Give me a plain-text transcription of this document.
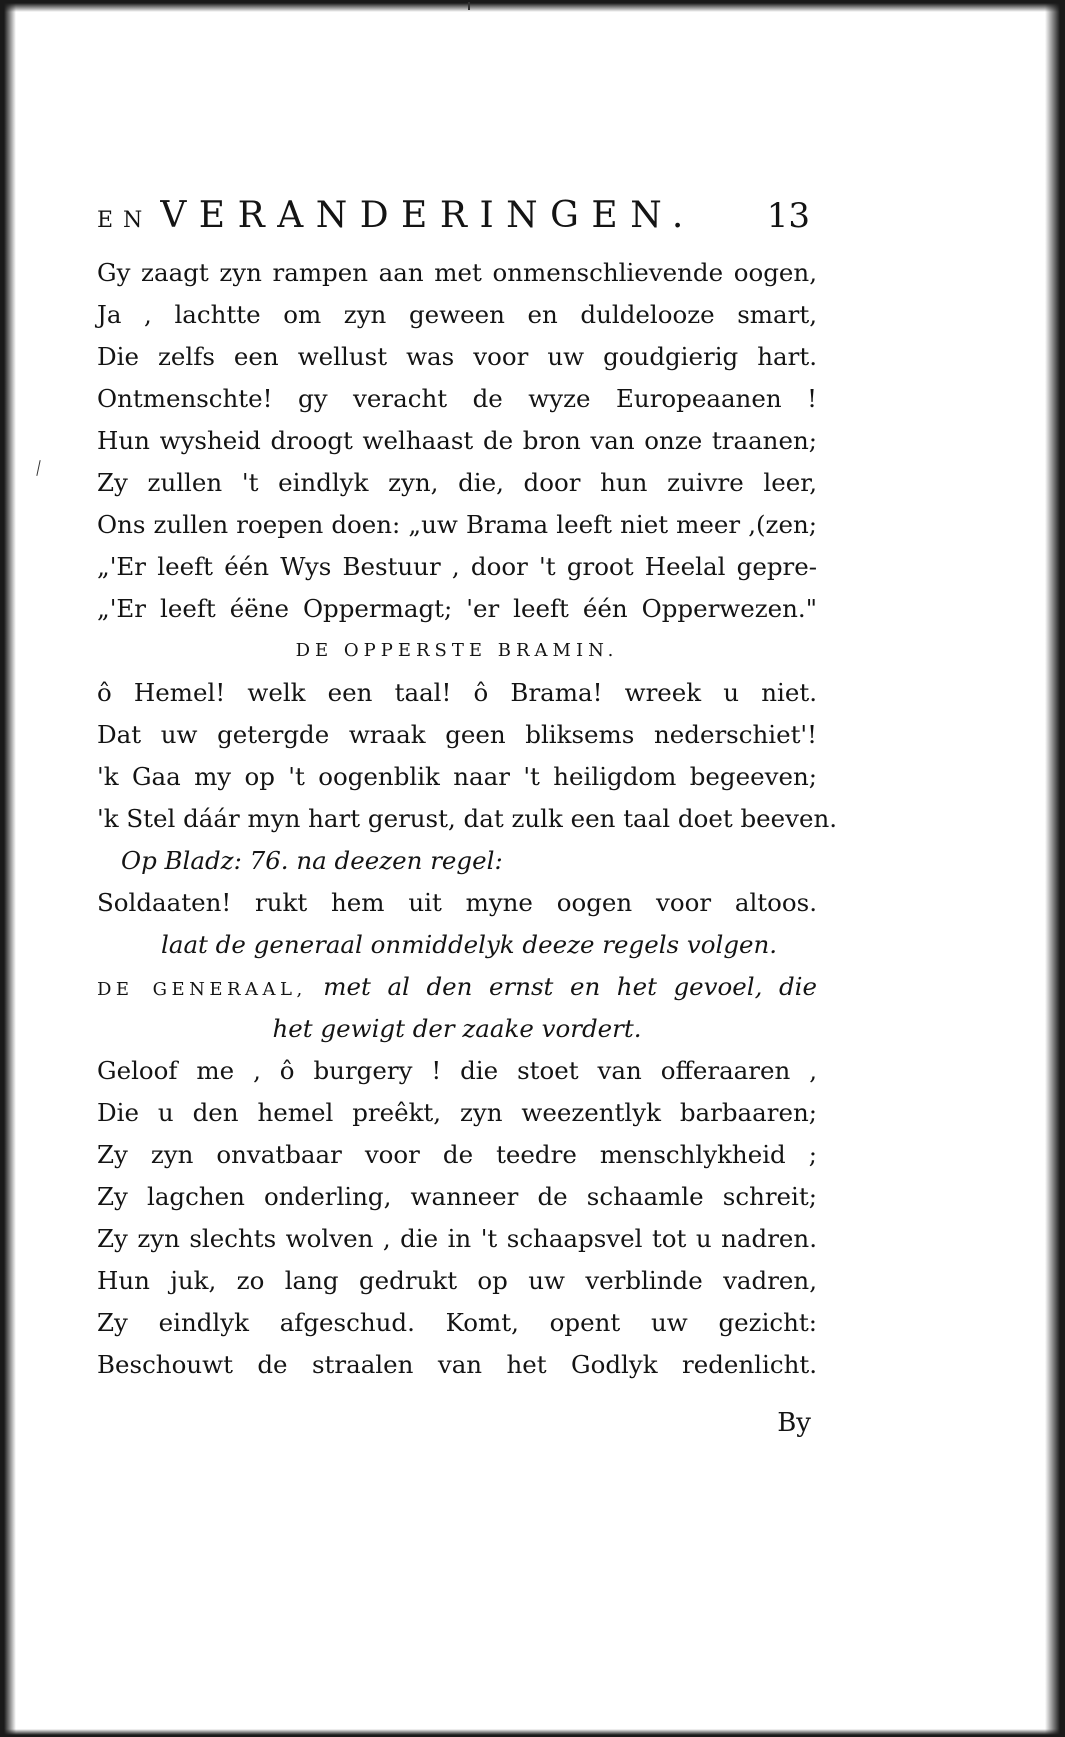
EN VERANDERINGEN. 13
Gy zaagt zyn rampen aan met onmenschlievende oogen,
Ja , lachtte om zyn geween en duldelooze smart,
Die zelfs een wellust was voor uw goudgierig hart.
Ontmenschte! gy veracht de wyze Europeaanen !
Hun wysheid droogt welhaast de bron van onze traanen;
Zy zullen 't eindlyk zyn, die, door hun zuivre leer,
Ons zullen roepen doen: „uw Brama leeft niet meer ,(zen;
„'Er leeft één Wys Bestuur , door 't groot Heelal gepre-
„'Er leeft éëne Oppermagt; 'er leeft één Opperwezen."
DE OPPERSTE BRAMIN.
ô Hemel! welk een taal! ô Brama! wreek u niet.
Dat uw getergde wraak geen bliksems nederschiet'!
'k Gaa my op 't oogenblik naar 't heiligdom begeeven;
'k Stel dáár myn hart gerust, dat zulk een taal doet beeven.
Op Bladz: 76. na deezen regel:
Soldaaten! rukt hem uit myne oogen voor altoos.
laat de generaal onmiddelyk deeze regels volgen.
DE GENERAAL, met al den ernst en het gevoel, die
het gewigt der zaake vordert.
Geloof me , ô burgery ! die stoet van offeraaren ,
Die u den hemel preêkt, zyn weezentlyk barbaaren;
Zy zyn onvatbaar voor de teedre menschlykheid ;
Zy lagchen onderling, wanneer de schaamle schreit;
Zy zyn slechts wolven , die in 't schaapsvel tot u nadren.
Hun juk, zo lang gedrukt op uw verblinde vadren,
Zy eindlyk afgeschud. Komt, opent uw gezicht:
Beschouwt de straalen van het Godlyk redenlicht.
By
